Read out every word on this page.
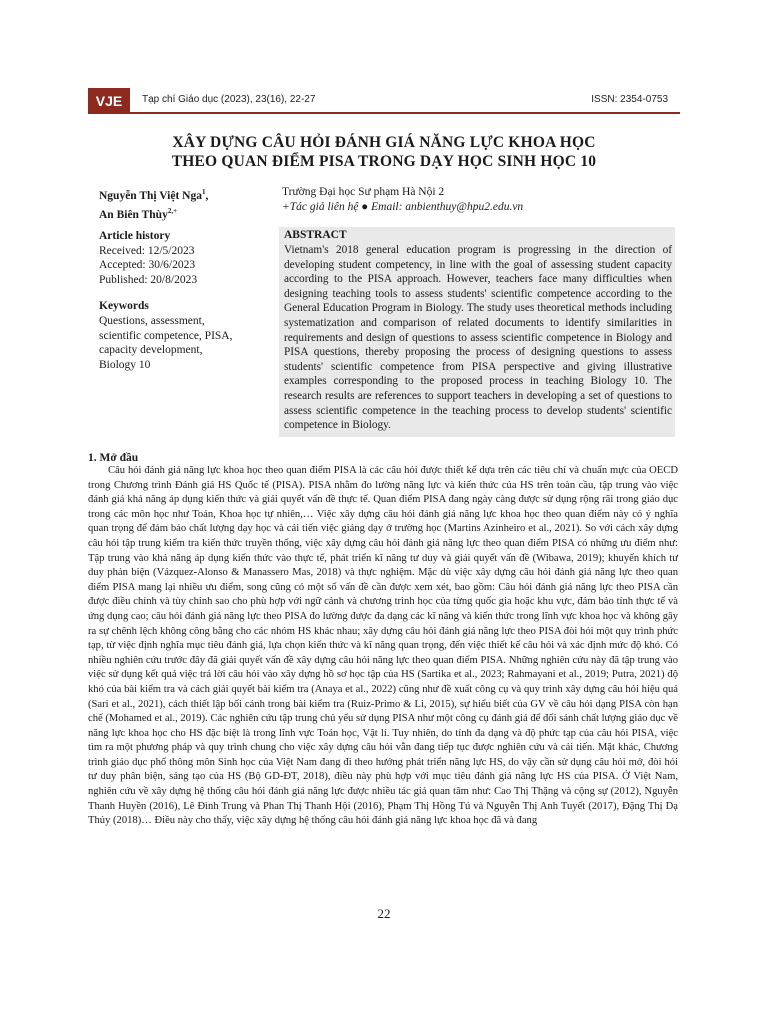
VJE	Tạp chí Giáo dục (2023), 23(16), 22-27	ISSN: 2354-0753
XÂY DỰNG CÂU HỎI ĐÁNH GIÁ NĂNG LỰC KHOA HỌC
THEO QUAN ĐIỂM PISA TRONG DẠY HỌC SINH HỌC 10
Nguyễn Thị Việt Nga$^1$,
An Biên Thùy$^{2,+}$
Trường Đại học Sư phạm Hà Nội 2
+Tác giả liên hệ ● Email: anbienthuy@hpu2.edu.vn
Article history
Received: 12/5/2023
Accepted: 30/6/2023
Published: 20/8/2023
Keywords
Questions, assessment,
scientific competence, PISA,
capacity development,
Biology 10
ABSTRACT
Vietnam's 2018 general education program is progressing in the direction of developing student competency, in line with the goal of assessing student capacity according to the PISA approach. However, teachers face many difficulties when designing teaching tools to assess students' scientific competence according to the General Education Program in Biology. The study uses theoretical methods including systematization and comparison of related documents to identify similarities in requirements and design of questions to assess scientific competence in Biology and PISA questions, thereby proposing the process of designing questions to assess students' scientific competence from PISA perspective and giving illustrative examples corresponding to the proposed process in teaching Biology 10. The research results are references to support teachers in developing a set of questions to assess scientific competence in the teaching process to develop students' scientific competence in Biology.
1. Mở đầu
Câu hỏi đánh giá năng lực khoa học theo quan điểm PISA là các câu hỏi được thiết kế dựa trên các tiêu chí và chuẩn mực của OECD trong Chương trình Đánh giá HS Quốc tế (PISA). PISA nhằm đo lường năng lực và kiến thức của HS trên toàn cầu, tập trung vào việc đánh giá khả năng áp dụng kiến thức và giải quyết vấn đề thực tế. Quan điểm PISA đang ngày càng được sử dụng rộng rãi trong giáo dục trong các môn học như Toán, Khoa học tự nhiên,… Việc xây dựng câu hỏi đánh giá năng lực khoa học theo quan điểm này có ý nghĩa quan trọng để đảm bảo chất lượng dạy học và cải tiến việc giảng dạy ở trường học (Martins Azinheiro et al., 2021). So với cách xây dựng câu hỏi tập trung kiểm tra kiến thức truyền thống, việc xây dựng câu hỏi đánh giá năng lực theo quan điểm PISA có những ưu điểm như: Tập trung vào khả năng áp dụng kiến thức vào thực tế, phát triển kĩ năng tư duy và giải quyết vấn đề (Wibawa, 2019); khuyến khích tư duy phản biện (Vázquez-Alonso & Manassero Mas, 2018) và thực nghiệm. Mặc dù việc xây dựng câu hỏi đánh giá năng lực theo quan điểm PISA mang lại nhiều ưu điểm, song cũng có một số vấn đề cần được xem xét, bao gồm: Câu hỏi đánh giá năng lực theo PISA cần được điều chỉnh và tùy chỉnh sao cho phù hợp với ngữ cảnh và chương trình học của từng quốc gia hoặc khu vực, đảm bảo tính thực tế và ứng dụng cao; câu hỏi đánh giá năng lực theo PISA đo lường được đa dạng các kĩ năng và kiến thức trong lĩnh vực khoa học và không gây ra sự chênh lệch không công bằng cho các nhóm HS khác nhau; xây dựng câu hỏi đánh giá năng lực theo PISA đòi hỏi một quy trình phức tạp, từ việc định nghĩa mục tiêu đánh giá, lựa chọn kiến thức và kĩ năng quan trọng, đến việc thiết kế câu hỏi và xác định mức độ khó. Có nhiều nghiên cứu trước đây đã giải quyết vấn đề xây dựng câu hỏi năng lực theo quan điểm PISA. Những nghiên cứu này đã tập trung vào việc sử dụng kết quả việc trả lời câu hỏi vào xây dựng hồ sơ học tập của HS (Sartika et al., 2023; Rahmayani et al., 2019; Putra, 2021) độ khó của bài kiểm tra và cách giải quyết bài kiểm tra (Anaya et al., 2022) cũng như đề xuất công cụ và quy trình xây dựng câu hỏi hiệu quả (Sari et al., 2021), cách thiết lập bối cảnh trong bài kiểm tra (Ruiz-Primo & Li, 2015), sự hiểu biết của GV về câu hỏi dạng PISA còn hạn chế (Mohamed et al., 2019). Các nghiên cứu tập trung chủ yếu sử dụng PISA như một công cụ đánh giá để đối sánh chất lượng giáo dục về năng lực khoa học cho HS đặc biệt là trong lĩnh vực Toán học, Vật lí. Tuy nhiên, do tính đa dạng và độ phức tạp của câu hỏi PISA, việc tìm ra một phương pháp và quy trình chung cho việc xây dựng câu hỏi vẫn đang tiếp tục được nghiên cứu và cải tiến. Mặt khác, Chương trình giáo dục phổ thông môn Sinh học của Việt Nam đang đi theo hướng phát triển năng lực HS, do vậy cần sử dụng câu hỏi mở, đòi hỏi tư duy phân biện, sáng tạo của HS (Bộ GD-ĐT, 2018), điều này phù hợp với mục tiêu đánh giá năng lực HS của PISA. Ở Việt Nam, nghiên cứu về xây dựng hệ thống câu hỏi đánh giá năng lực được nhiều tác giả quan tâm như: Cao Thị Thặng và cộng sự (2012), Nguyễn Thanh Huyền (2016), Lê Đình Trung và Phan Thị Thanh Hội (2016), Phạm Thị Hồng Tú và Nguyễn Thị Anh Tuyết (2017), Đặng Thị Dạ Thủy (2018)… Điều này cho thấy, việc xây dựng hệ thống câu hỏi đánh giá năng lực khoa học đã và đang
22
